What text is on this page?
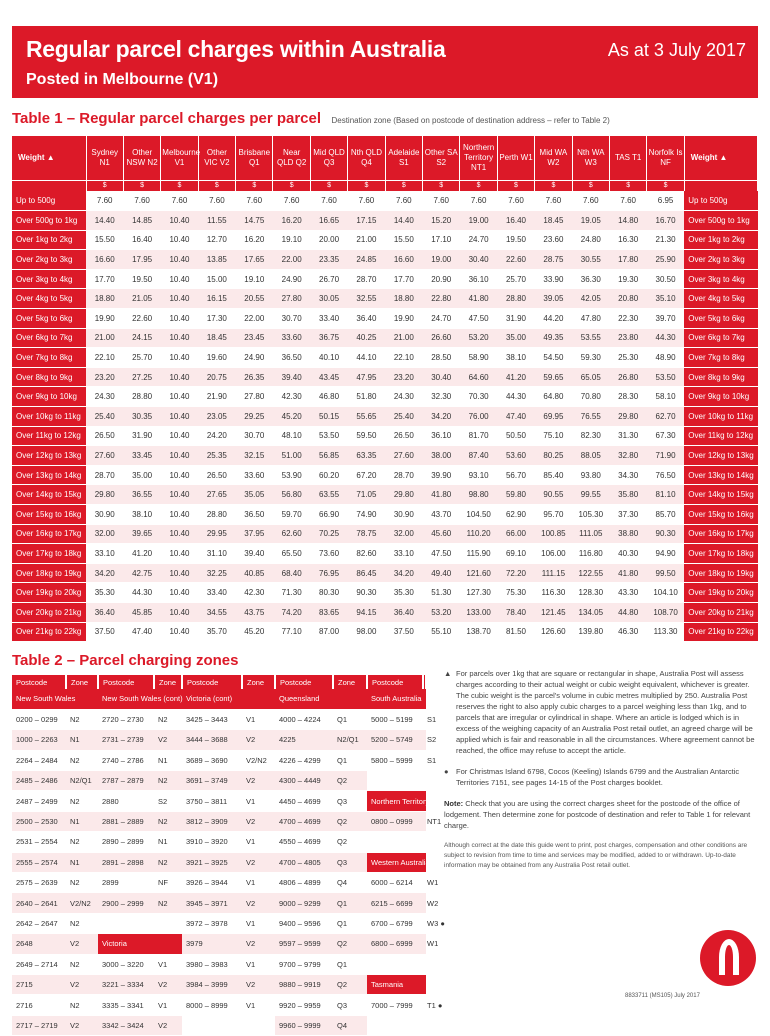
Regular parcel charges within Australia
Posted in Melbourne (V1)
As at 3 July 2017
Table 1 – Regular parcel charges per parcel Destination zone (Based on postcode of destination address – refer to Table 2)
Weight ▲	Sydney N1	Other NSW N2	Melbourne V1	Other VIC V2	Brisbane Q1	Near QLD Q2	Mid QLD Q3	Nth QLD Q4	Adelaide S1	Other SA S2	Northern Territory NT1	Perth W1	Mid WA W2	Nth WA W3	TAS T1	Norfolk Is NF	Weight ▲
	$	$	$	$	$	$	$	$	$	$	$	$	$	$	$	$	
Up to 500g	7.60	7.60	7.60	7.60	7.60	7.60	7.60	7.60	7.60	7.60	7.60	7.60	7.60	7.60	7.60	6.95	Up to 500g
Over 500g to 1kg	14.40	14.85	10.40	11.55	14.75	16.20	16.65	17.15	14.40	15.20	19.00	16.40	18.45	19.05	14.80	16.70	Over 500g to 1kg
Over 1kg to 2kg	15.50	16.40	10.40	12.70	16.20	19.10	20.00	21.00	15.50	17.10	24.70	19.50	23.60	24.80	16.30	21.30	Over 1kg to 2kg
Over 2kg to 3kg	16.60	17.95	10.40	13.85	17.65	22.00	23.35	24.85	16.60	19.00	30.40	22.60	28.75	30.55	17.80	25.90	Over 2kg to 3kg
Over 3kg to 4kg	17.70	19.50	10.40	15.00	19.10	24.90	26.70	28.70	17.70	20.90	36.10	25.70	33.90	36.30	19.30	30.50	Over 3kg to 4kg
Over 4kg to 5kg	18.80	21.05	10.40	16.15	20.55	27.80	30.05	32.55	18.80	22.80	41.80	28.80	39.05	42.05	20.80	35.10	Over 4kg to 5kg
Over 5kg to 6kg	19.90	22.60	10.40	17.30	22.00	30.70	33.40	36.40	19.90	24.70	47.50	31.90	44.20	47.80	22.30	39.70	Over 5kg to 6kg
Over 6kg to 7kg	21.00	24.15	10.40	18.45	23.45	33.60	36.75	40.25	21.00	26.60	53.20	35.00	49.35	53.55	23.80	44.30	Over 6kg to 7kg
Over 7kg to 8kg	22.10	25.70	10.40	19.60	24.90	36.50	40.10	44.10	22.10	28.50	58.90	38.10	54.50	59.30	25.30	48.90	Over 7kg to 8kg
Over 8kg to 9kg	23.20	27.25	10.40	20.75	26.35	39.40	43.45	47.95	23.20	30.40	64.60	41.20	59.65	65.05	26.80	53.50	Over 8kg to 9kg
Over 9kg to 10kg	24.30	28.80	10.40	21.90	27.80	42.30	46.80	51.80	24.30	32.30	70.30	44.30	64.80	70.80	28.30	58.10	Over 9kg to 10kg
Over 10kg to 11kg	25.40	30.35	10.40	23.05	29.25	45.20	50.15	55.65	25.40	34.20	76.00	47.40	69.95	76.55	29.80	62.70	Over 10kg to 11kg
Over 11kg to 12kg	26.50	31.90	10.40	24.20	30.70	48.10	53.50	59.50	26.50	36.10	81.70	50.50	75.10	82.30	31.30	67.30	Over 11kg to 12kg
Over 12kg to 13kg	27.60	33.45	10.40	25.35	32.15	51.00	56.85	63.35	27.60	38.00	87.40	53.60	80.25	88.05	32.80	71.90	Over 12kg to 13kg
Over 13kg to 14kg	28.70	35.00	10.40	26.50	33.60	53.90	60.20	67.20	28.70	39.90	93.10	56.70	85.40	93.80	34.30	76.50	Over 13kg to 14kg
Over 14kg to 15kg	29.80	36.55	10.40	27.65	35.05	56.80	63.55	71.05	29.80	41.80	98.80	59.80	90.55	99.55	35.80	81.10	Over 14kg to 15kg
Over 15kg to 16kg	30.90	38.10	10.40	28.80	36.50	59.70	66.90	74.90	30.90	43.70	104.50	62.90	95.70	105.30	37.30	85.70	Over 15kg to 16kg
Over 16kg to 17kg	32.00	39.65	10.40	29.95	37.95	62.60	70.25	78.75	32.00	45.60	110.20	66.00	100.85	111.05	38.80	90.30	Over 16kg to 17kg
Over 17kg to 18kg	33.10	41.20	10.40	31.10	39.40	65.50	73.60	82.60	33.10	47.50	115.90	69.10	106.00	116.80	40.30	94.90	Over 17kg to 18kg
Over 18kg to 19kg	34.20	42.75	10.40	32.25	40.85	68.40	76.95	86.45	34.20	49.40	121.60	72.20	111.15	122.55	41.80	99.50	Over 18kg to 19kg
Over 19kg to 20kg	35.30	44.30	10.40	33.40	42.30	71.30	80.30	90.30	35.30	51.30	127.30	75.30	116.30	128.30	43.30	104.10	Over 19kg to 20kg
Over 20kg to 21kg	36.40	45.85	10.40	34.55	43.75	74.20	83.65	94.15	36.40	53.20	133.00	78.40	121.45	134.05	44.80	108.70	Over 20kg to 21kg
Over 21kg to 22kg	37.50	47.40	10.40	35.70	45.20	77.10	87.00	98.00	37.50	55.10	138.70	81.50	126.60	139.80	46.30	113.30	Over 21kg to 22kg
Table 2 – Parcel charging zones
Postcode	Zone	Postcode	Zone	Postcode	Zone	Postcode	Zone	Postcode	Zone
New South Wales		New South Wales (cont)		Victoria (cont)		Queensland		South Australia	
0200 – 0299	N2	2720 – 2730	N2	3425 – 3443	V1	4000 – 4224	Q1	5000 – 5199	S1
1000 – 2263	N1	2731 – 2739	V2	3444 – 3688	V2	4225	N2/Q1	5200 – 5749	S2
2264 – 2484	N2	2740 – 2786	N1	3689 – 3690	V2/N2	4226 – 4299	Q1	5800 – 5999	S1
2485 – 2486	N2/Q1	2787 – 2879	N2	3691 – 3749	V2	4300 – 4449	Q2		
2487 – 2499	N2	2880	S2	3750 – 3811	V1	4450 – 4699	Q3	Northern Territory	
2500 – 2530	N1	2881 – 2889	N2	3812 – 3909	V2	4700 – 4699	Q2	0800 – 0999	NT1
2531 – 2554	N2	2890 – 2899	N1	3910 – 3920	V1	4550 – 4699	Q2		
2555 – 2574	N1	2891 – 2898	N2	3921 – 3925	V2	4700 – 4805	Q3	Western Australia	
2575 – 2639	N2	2899	NF	3926 – 3944	V1	4806 – 4899	Q4	6000 – 6214	W1
2640 – 2641	V2/N2	2900 – 2999	N2	3945 – 3971	V2	9000 – 9299	Q1	6215 – 6699	W2
2642 – 2647	N2			3972 – 3978	V1	9400 – 9596	Q1	6700 – 6799	W3 ●
2648	V2	Victoria		3979	V2	9597 – 9599	Q2	6800 – 6999	W1
2649 – 2714	N2	3000 – 3220	V1	3980 – 3983	V1	9700 – 9799	Q1		
2715	V2	3221 – 3334	V2	3984 – 3999	V2	9880 – 9919	Q2	Tasmania	
2716	N2	3335 – 3341	V1	8000 – 8999	V1	9920 – 9959	Q3	7000 – 7999	T1 ●
2717 – 2719	V2	3342 – 3424	V2			9960 – 9999	Q4		
▲ For parcels over 1kg that are square or rectangular in shape, Australia Post will assess charges according to their actual weight or cubic weight equivalent, whichever is greater. The cubic weight is the parcel's volume in cubic metres multiplied by 250. Australia Post reserves the right to also apply cubic charges to a parcel weighing less than 1kg, and to parcels that are irregular or cylindrical in shape. Where an article is lodged which is in excess of the weighing capacity of an Australia Post retail outlet, an agreed charge will be applied which is fair and reasonable in all the circumstances. Where agreement cannot be reached, the office may refuse to accept the article.
● For Christmas Island 6798, Cocos (Keeling) Islands 6799 and the Australian Antarctic Territories 7151, see pages 14-15 of the Post charges booklet.
Note: Check that you are using the correct charges sheet for the postcode of the office of lodgement. Then determine zone for postcode of destination and refer to Table 1 for relevant charge.
Although correct at the date this guide went to print, post charges, compensation and other conditions are subject to revision from time to time and services may be modified, added to or withdrawn. Up-to-date information may be obtained from any Australia Post retail outlet.
8833711 (MS105) July 2017
